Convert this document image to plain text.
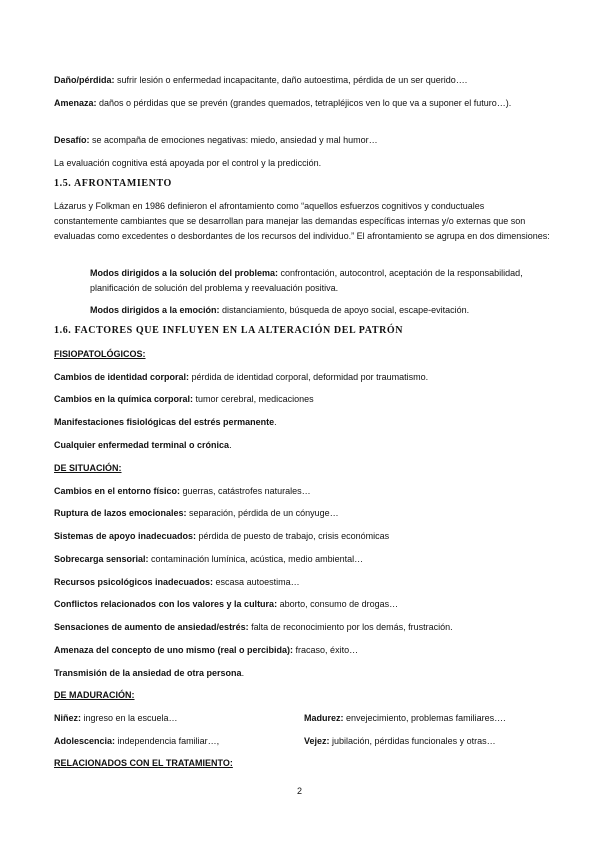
Daño/pérdida: sufrir lesión o enfermedad incapacitante, daño autoestima, pérdida de un ser querido….
Amenaza: daños o pérdidas que se prevén (grandes quemados, tetrapléjicos ven lo que va a suponer el futuro…).
Desafío: se acompaña de emociones negativas: miedo, ansiedad y mal humor…
La evaluación cognitiva está apoyada por el control y la predicción.
1.5. AFRONTAMIENTO
Lázarus y Folkman en 1986 definieron el afrontamiento como “aquellos esfuerzos cognitivos y conductuales constantemente cambiantes que se desarrollan para manejar las demandas específicas internas y/o externas que son evaluadas como excedentes o desbordantes de los recursos del individuo.” El afrontamiento se agrupa en dos dimensiones:
Modos dirigidos a la solución del problema: confrontación, autocontrol, aceptación de la responsabilidad, planificación de solución del problema y reevaluación positiva.
Modos dirigidos a la emoción: distanciamiento, búsqueda de apoyo social, escape-evitación.
1.6. FACTORES QUE INFLUYEN EN LA ALTERACIÓN DEL PATRÓN
FISIOPATOLÓGICOS:
Cambios de identidad corporal: pérdida de identidad corporal, deformidad por traumatismo.
Cambios en la química corporal: tumor cerebral, medicaciones
Manifestaciones fisiológicas del estrés permanente.
Cualquier enfermedad terminal o crónica.
DE SITUACIÓN:
Cambios en el entorno físico: guerras, catástrofes naturales…
Ruptura de lazos emocionales: separación, pérdida de un cónyuge…
Sistemas de apoyo inadecuados: pérdida de puesto de trabajo, crisis económicas
Sobrecarga sensorial: contaminación lumínica, acústica, medio ambiental…
Recursos psicológicos inadecuados: escasa autoestima…
Conflictos relacionados con los valores y la cultura: aborto, consumo de drogas…
Sensaciones de aumento de ansiedad/estrés: falta de reconocimiento por los demás, frustración.
Amenaza del concepto de uno mismo (real o percibida): fracaso, éxito…
Transmisión de la ansiedad de otra persona.
DE MADURACIÓN:
Niñez: ingreso en la escuela…	Madurez: envejecimiento, problemas familiares….
Adolescencia: independencia familiar…,	Vejez: jubilación, pérdidas funcionales y otras…
RELACIONADOS CON EL TRATAMIENTO:
2
